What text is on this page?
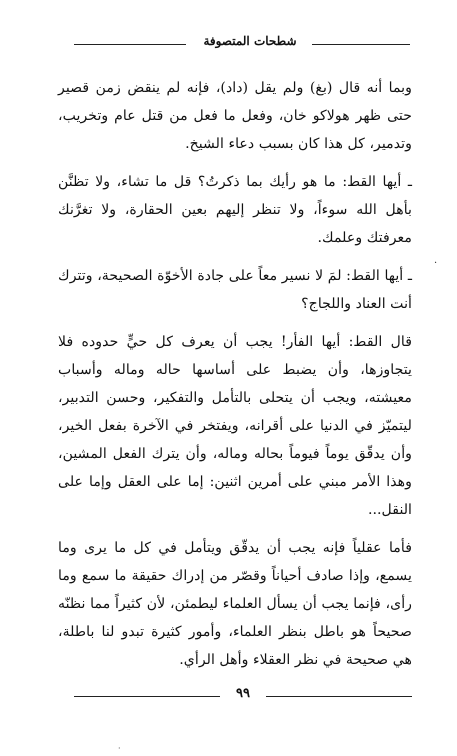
شطحات المتصوفة

وبما أنه قال (بغ) ولم يقل (داد)، فإنه لم ينقض زمن قصير حتى ظهر هولاكو خان، وفعل ما فعل من قتل عام وتخريب، وتدمير، كل هذا كان بسبب دعاء الشيخ.

ـ أيها القط: ما هو رأيك بما ذكرتُ؟ قل ما تشاء، ولا تظنَّن بأهل الله سوءاً، ولا تنظر إليهم بعين الحقارة، ولا تغرَّنك معرفتك وعلمك.

ـ أيها القط: لمَ لا نسير معاً على جادة الأخوّة الصحيحة، وتترك أنت العناد واللجاج؟

قال القط: أيها الفأر! يجب أن يعرف كل حيٍّ حدوده فلا يتجاوزها، وأن يضبط على أساسها حاله وماله وأسباب معيشته، ويجب أن يتحلى بالتأمل والتفكير، وحسن التدبير، ليتميّز في الدنيا على أقرانه، ويفتخر في الآخرة بفعل الخير، وأن يدقّق يوماً فيوماً بحاله وماله، وأن يترك الفعل المشين، وهذا الأمر مبني على أمرين اثنين: إما على العقل وإما على النقل...

فأما عقلياً فإنه يجب أن يدقّق ويتأمل في كل ما يرى وما يسمع، وإذا صادف أحياناً وقصّر من إدراك حقيقة ما سمع وما رأى، فإنما يجب أن يسأل العلماء ليطمئن، لأن كثيراً مما نظنّه صحيحاً هو باطل بنظر العلماء، وأمور كثيرة تبدو لنا باطلة، هي صحيحة في نظر العقلاء وأهل الرأي.

·
٩٩
·
